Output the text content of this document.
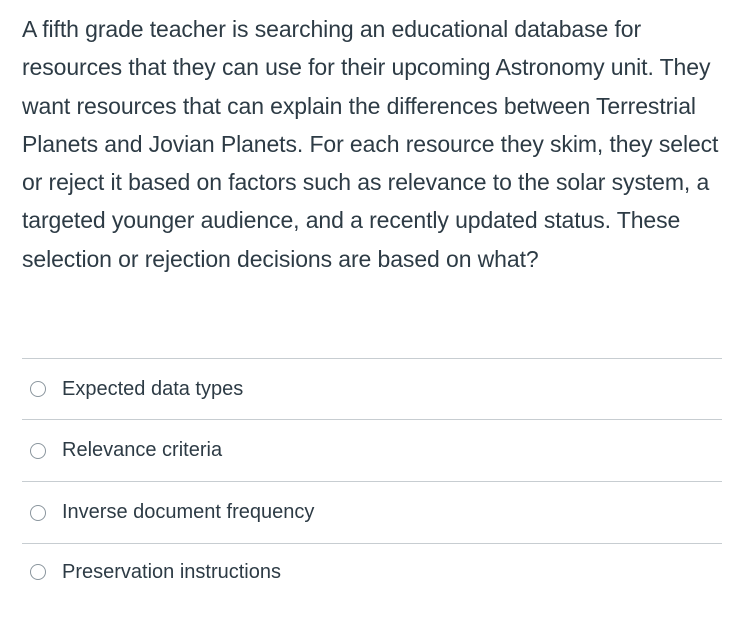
A fifth grade teacher is searching an educational database for resources that they can use for their upcoming Astronomy unit. They want resources that can explain the differences between Terrestrial Planets and Jovian Planets. For each resource they skim, they select or reject it based on factors such as relevance to the solar system, a targeted younger audience, and a recently updated status. These selection or rejection decisions are based on what?

Expected data types
Relevance criteria
Inverse document frequency
Preservation instructions
